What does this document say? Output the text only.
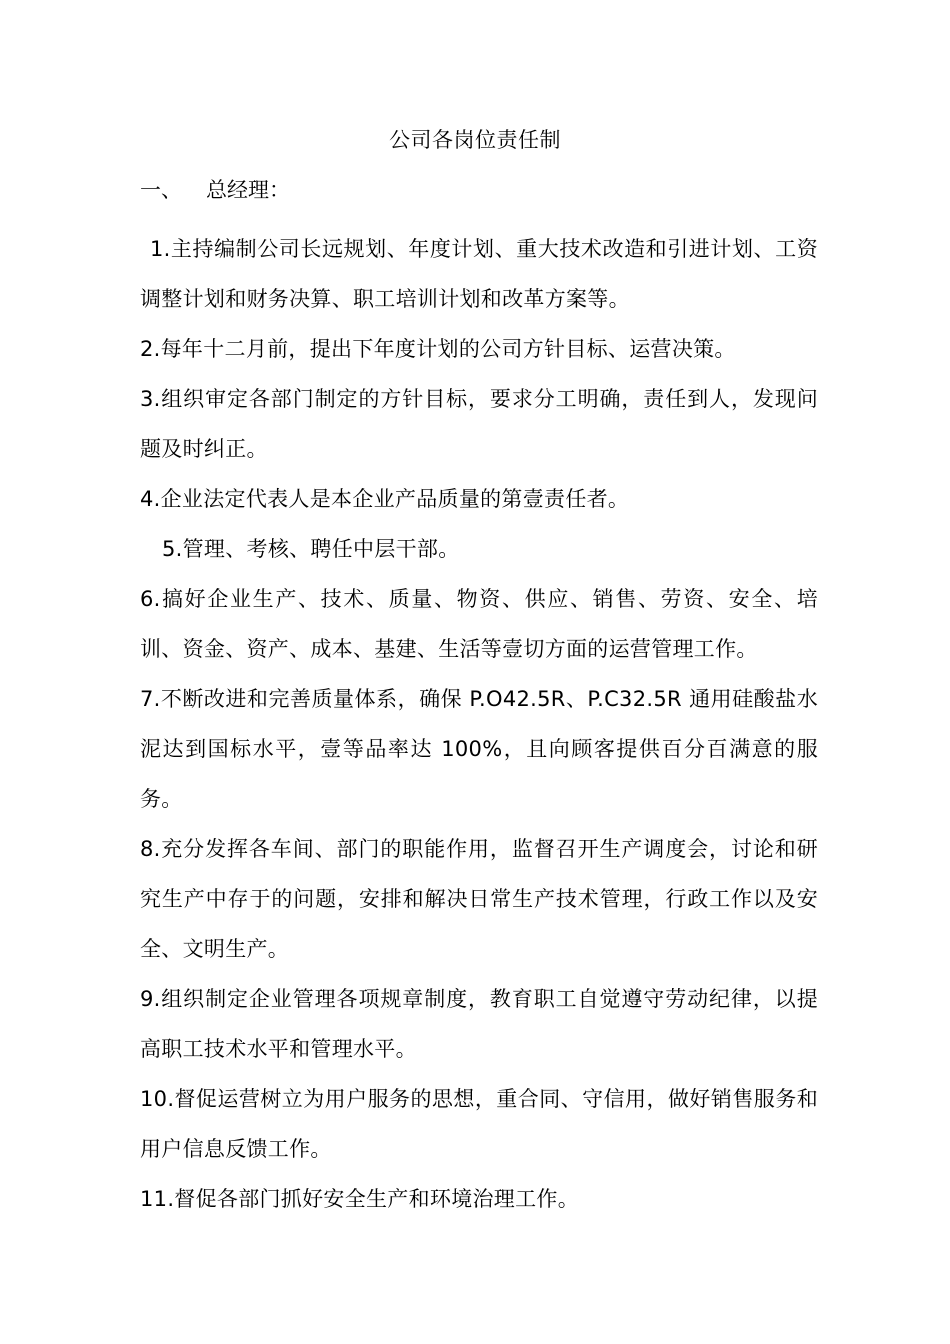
公司各岗位责任制
一、 总经理：

1.主持编制公司长远规划、年度计划、重大技术改造和引进计划、工资调整计划和财务决算、职工培训计划和改革方案等。

2.每年十二月前，提出下年度计划的公司方针目标、运营决策。

3.组织审定各部门制定的方针目标，要求分工明确，责任到人，发现问题及时纠正。

4.企业法定代表人是本企业产品质量的第壹责任者。

5.管理、考核、聘任中层干部。

6.搞好企业生产、技术、质量、物资、供应、销售、劳资、安全、培训、资金、资产、成本、基建、生活等壹切方面的运营管理工作。

7.不断改进和完善质量体系，确保 P.O42.5R、P.C32.5R 通用硅酸盐水泥达到国标水平，壹等品率达 100%，且向顾客提供百分百满意的服务。

8.充分发挥各车间、部门的职能作用，监督召开生产调度会，讨论和研究生产中存于的问题，安排和解决日常生产技术管理，行政工作以及安全、文明生产。

9.组织制定企业管理各项规章制度，教育职工自觉遵守劳动纪律，以提高职工技术水平和管理水平。

10.督促运营树立为用户服务的思想，重合同、守信用，做好销售服务和用户信息反馈工作。

11.督促各部门抓好安全生产和环境治理工作。
